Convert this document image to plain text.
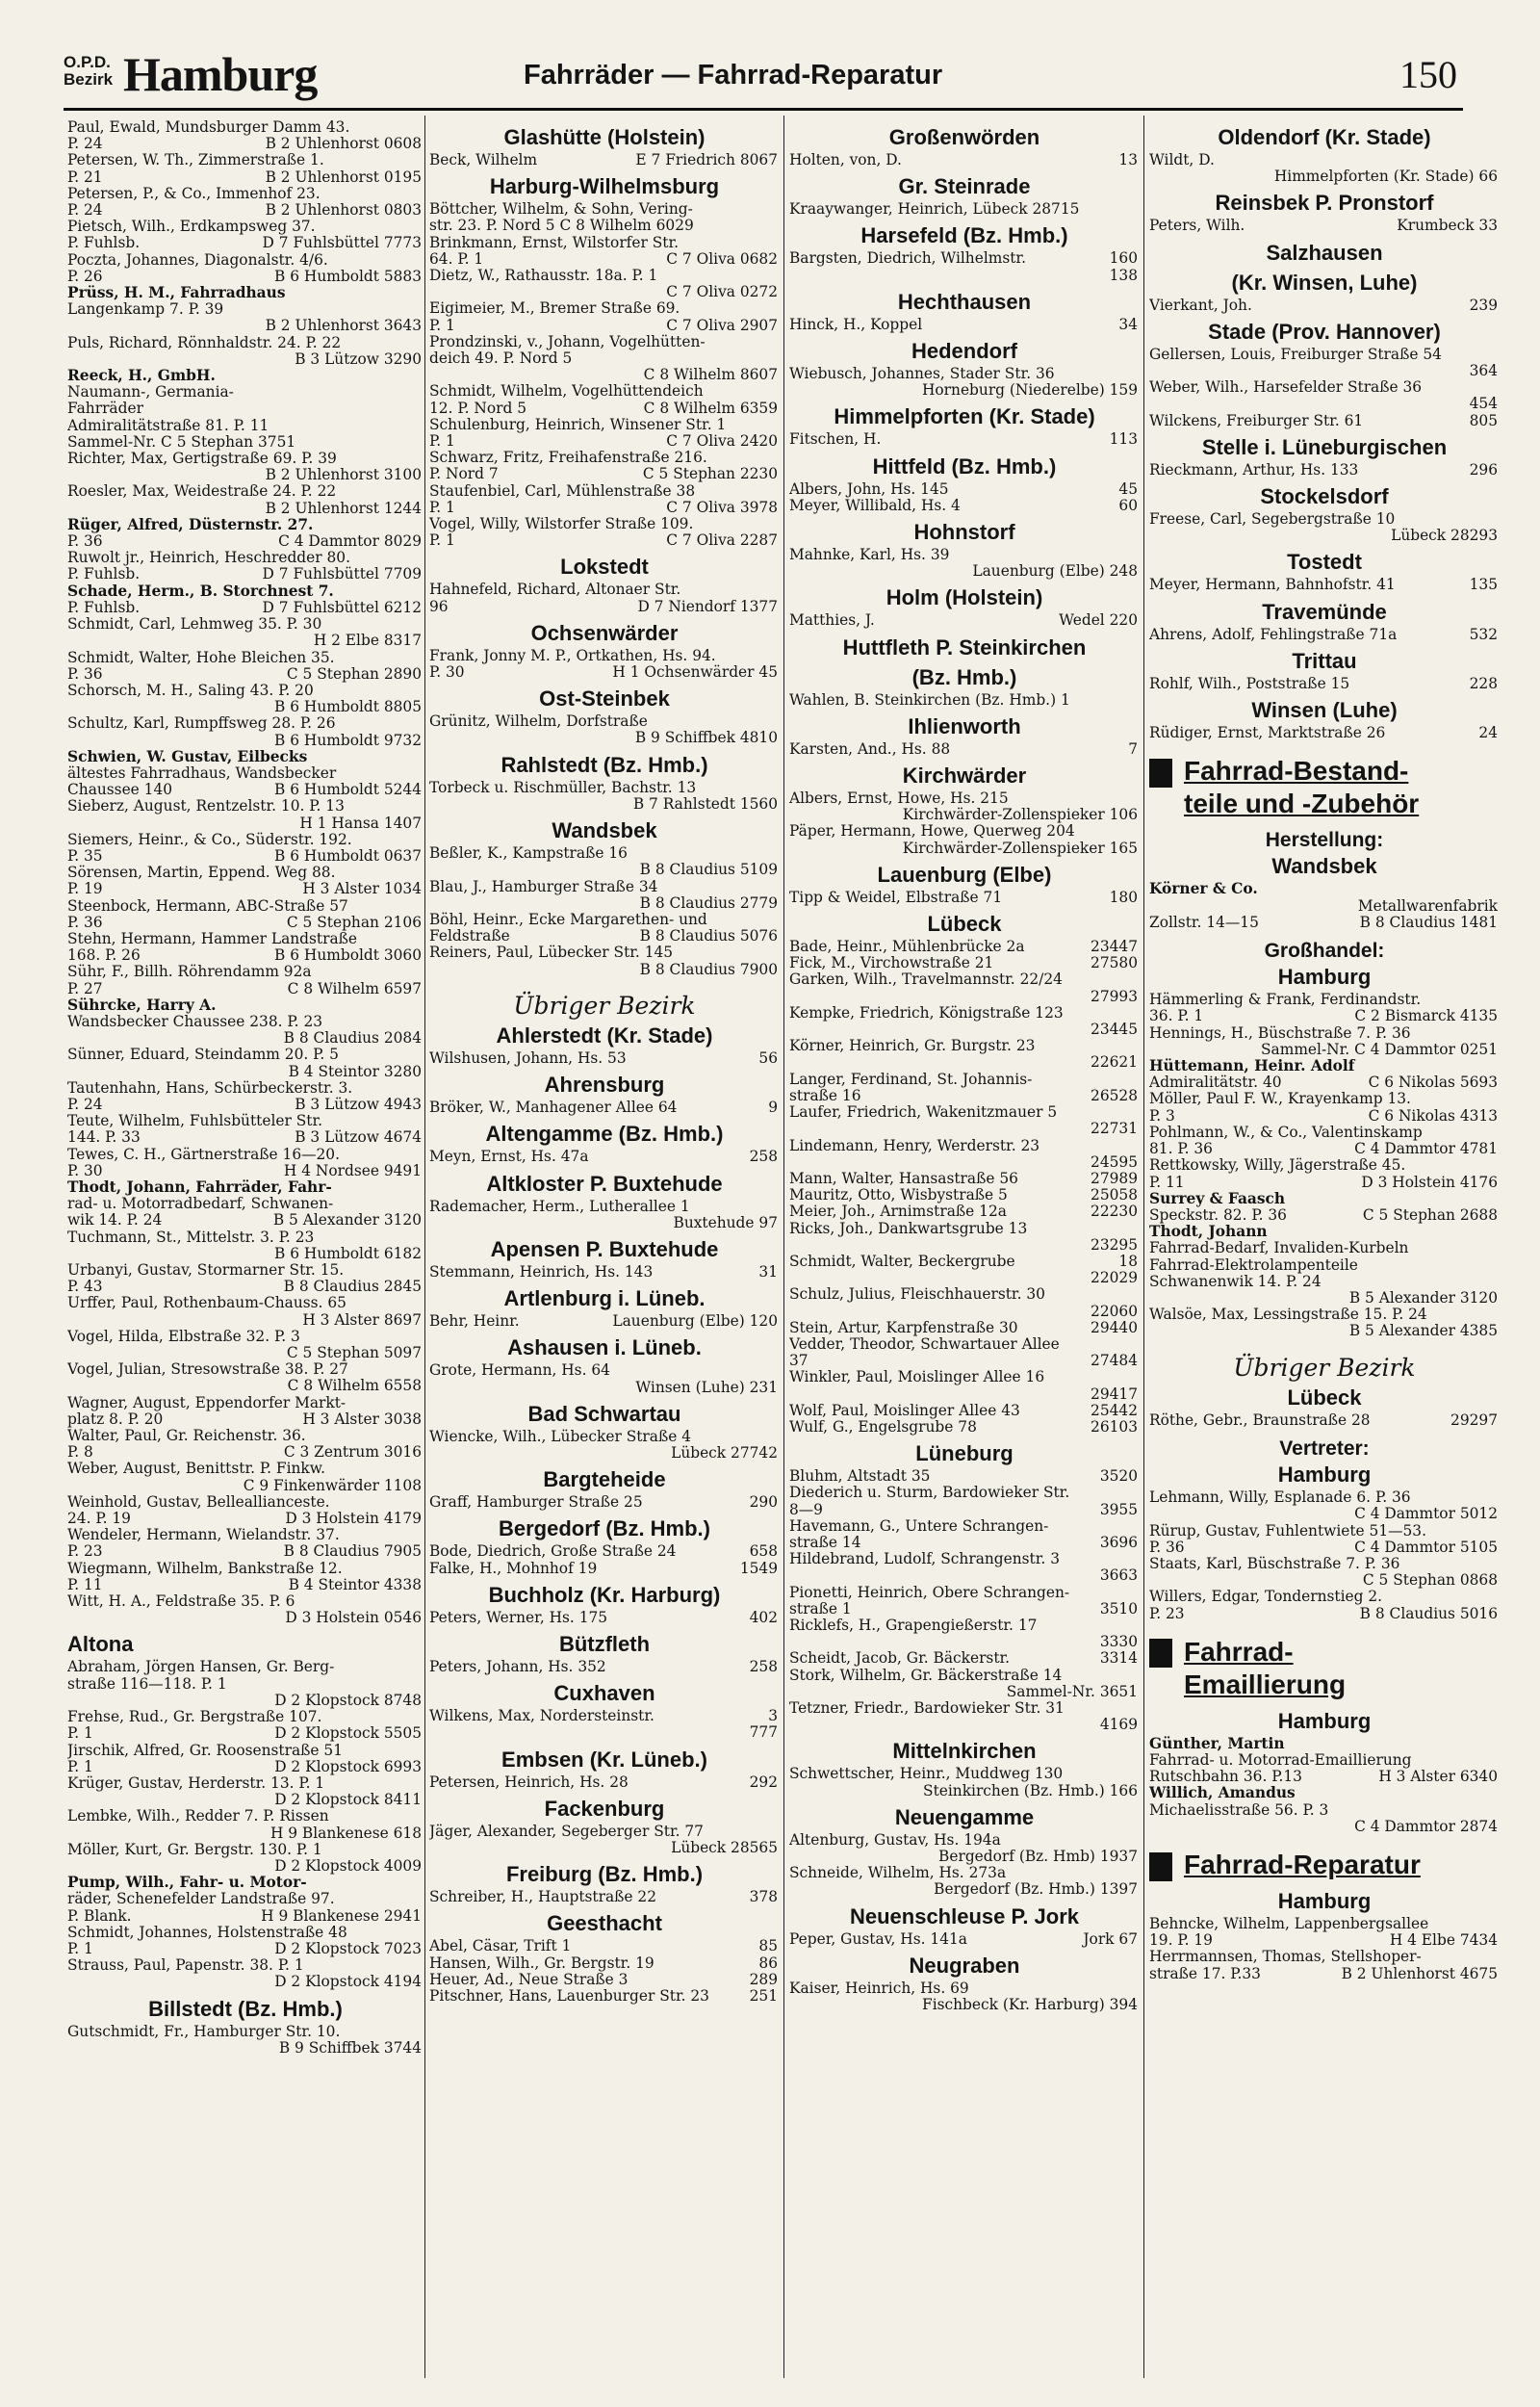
O.P.D.
Bezirk Hamburg	Fahrräder — Fahrrad-Reparatur	150
Paul, Ewald, Mundsburger Damm 43.
B 2 Uhlenhorst 0608
P. 24
Petersen, W. Th., Zimmerstraße 1.
B 2 Uhlenhorst 0195
P. 21
Petersen, P., & Co., Immenhof 23.
B 2 Uhlenhorst 0803
P. 24
Pietsch, Wilh., Erdkampsweg 37.
D 7 Fuhlsbüttel 7773
P. Fuhlsb.
Poczta, Johannes, Diagonalstr. 4/6.
B 6 Humboldt 5883
P. 26
Prüss, H. M., Fahrradhaus
Langenkamp 7. P. 39
B 2 Uhlenhorst 3643

Puls, Richard, Rönnhaldstr. 24. P. 22
B 3 Lützow 3290

Reeck, H., GmbH.
Naumann-, Germania-
Fahrräder
Admiralitätstraße 81. P. 11
Sammel-Nr. C 5 Stephan 3751
Richter, Max, Gertigstraße 69. P. 39
B 2 Uhlenhorst 3100

Roesler, Max, Weidestraße 24. P. 22
B 2 Uhlenhorst 1244

Rüger, Alfred, Düsternstr. 27.
C 4 Dammtor 8029
P. 36
Ruwolt jr., Heinrich, Heschredder 80.
D 7 Fuhlsbüttel 7709
P. Fuhlsb.
Schade, Herm., B. Storchnest 7.
D 7 Fuhlsbüttel 6212
P. Fuhlsb.
Schmidt, Carl, Lehmweg 35. P. 30
H 2 Elbe 8317

Schmidt, Walter, Hohe Bleichen 35.
C 5 Stephan 2890
P. 36
Schorsch, M. H., Saling 43. P. 20
B 6 Humboldt 8805

Schultz, Karl, Rumpffsweg 28. P. 26
B 6 Humboldt 9732

Schwien, W. Gustav, Eilbecks
ältestes Fahrradhaus, Wandsbecker
B 6 Humboldt 5244
Chaussee 140
Sieberz, August, Rentzelstr. 10. P. 13
H 1 Hansa 1407

Siemers, Heinr., & Co., Süderstr. 192.
B 6 Humboldt 0637
P. 35
Sörensen, Martin, Eppend. Weg 88.
H 3 Alster 1034
P. 19
Steenbock, Hermann, ABC-Straße 57
C 5 Stephan 2106
P. 36
Stehn, Hermann, Hammer Landstraße
B 6 Humboldt 3060
168. P. 26
Sühr, F., Billh. Röhrendamm 92a
C 8 Wilhelm 6597
P. 27
Sührcke, Harry A.
Wandsbecker Chaussee 238. P. 23
B 8 Claudius 2084

Sünner, Eduard, Steindamm 20. P. 5
B 4 Steintor 3280

Tautenhahn, Hans, Schürbeckerstr. 3.
B 3 Lützow 4943
P. 24
Teute, Wilhelm, Fuhlsbütteler Str.
B 3 Lützow 4674
144. P. 33
Tewes, C. H., Gärtnerstraße 16—20.
H 4 Nordsee 9491
P. 30
Thodt, Johann, Fahrräder, Fahr-
rad- u. Motorradbedarf, Schwanen-
B 5 Alexander 3120
wik 14. P. 24
Tuchmann, St., Mittelstr. 3. P. 23
B 6 Humboldt 6182

Urbanyi, Gustav, Stormarner Str. 15.
B 8 Claudius 2845
P. 43
Urffer, Paul, Rothenbaum-Chauss. 65
H 3 Alster 8697

Vogel, Hilda, Elbstraße 32. P. 3
C 5 Stephan 5097

Vogel, Julian, Stresowstraße 38. P. 27
C 8 Wilhelm 6558

Wagner, August, Eppendorfer Markt-
H 3 Alster 3038
platz 8. P. 20
Walter, Paul, Gr. Reichenstr. 36.
C 3 Zentrum 3016
P. 8
Weber, August, Benittstr. P. Finkw.
C 9 Finkenwärder 1108

Weinhold, Gustav, Belleallianceste.
D 3 Holstein 4179
24. P. 19
Wendeler, Hermann, Wielandstr. 37.
B 8 Claudius 7905
P. 23
Wiegmann, Wilhelm, Bankstraße 12.
B 4 Steintor 4338
P. 11
Witt, H. A., Feldstraße 35. P. 6
D 3 Holstein 0546

Altona
Abraham, Jörgen Hansen, Gr. Berg-
straße 116—118. P. 1
D 2 Klopstock 8748

Frehse, Rud., Gr. Bergstraße 107.
D 2 Klopstock 5505
P. 1
Jirschik, Alfred, Gr. Roosenstraße 51
D 2 Klopstock 6993
P. 1
Krüger, Gustav, Herderstr. 13. P. 1
D 2 Klopstock 8411

Lembke, Wilh., Redder 7. P. Rissen
H 9 Blankenese 618

Möller, Kurt, Gr. Bergstr. 130. P. 1
D 2 Klopstock 4009

Pump, Wilh., Fahr- u. Motor-
räder, Schenefelder Landstraße 97.
H 9 Blankenese 2941
P. Blank.
Schmidt, Johannes, Holstenstraße 48
D 2 Klopstock 7023
P. 1
Strauss, Paul, Papenstr. 38. P. 1
D 2 Klopstock 4194

Billstedt (Bz. Hmb.)
Gutschmidt, Fr., Hamburger Str. 10.
B 9 Schiffbek 3744

Glashütte (Holstein)
E 7 Friedrich 8067
Beck, Wilhelm
Harburg-Wilhelmsburg
Böttcher, Wilhelm, & Sohn, Vering-
str. 23. P. Nord 5 C 8 Wilhelm 6029
Brinkmann, Ernst, Wilstorfer Str.
C 7 Oliva 0682
64. P. 1
Dietz, W., Rathausstr. 18a. P. 1
C 7 Oliva 0272

Eigimeier, M., Bremer Straße 69.
C 7 Oliva 2907
P. 1
Prondzinski, v., Johann, Vogelhütten-
deich 49. P. Nord 5
C 8 Wilhelm 8607

Schmidt, Wilhelm, Vogelhüttendeich
C 8 Wilhelm 6359
12. P. Nord 5
Schulenburg, Heinrich, Winsener Str. 1
C 7 Oliva 2420
P. 1
Schwarz, Fritz, Freihafenstraße 216.
C 5 Stephan 2230
P. Nord 7
Staufenbiel, Carl, Mühlenstraße 38
C 7 Oliva 3978
P. 1
Vogel, Willy, Wilstorfer Straße 109.
C 7 Oliva 2287
P. 1
Lokstedt
Hahnefeld, Richard, Altonaer Str.
D 7 Niendorf 1377
96
Ochsenwärder
Frank, Jonny M. P., Ortkathen, Hs. 94.
H 1 Ochsenwärder 45
P. 30
Ost-Steinbek
Grünitz, Wilhelm, Dorfstraße
B 9 Schiffbek 4810

Rahlstedt (Bz. Hmb.)
Torbeck u. Rischmüller, Bachstr. 13
B 7 Rahlstedt 1560

Wandsbek
Beßler, K., Kampstraße 16
B 8 Claudius 5109

Blau, J., Hamburger Straße 34
B 8 Claudius 2779

Böhl, Heinr., Ecke Margarethen- und
B 8 Claudius 5076
Feldstraße
Reiners, Paul, Lübecker Str. 145
B 8 Claudius 7900

Übriger Bezirk
Ahlerstedt (Kr. Stade)
56
Wilshusen, Johann, Hs. 53
Ahrensburg
9
Bröker, W., Manhagener Allee 64
Altengamme (Bz. Hmb.)
258
Meyn, Ernst, Hs. 47a
Altkloster P. Buxtehude
Rademacher, Herm., Lutherallee 1
Buxtehude 97

Apensen P. Buxtehude
31
Stemmann, Heinrich, Hs. 143
Artlenburg i. Lüneb.
Lauenburg (Elbe) 120
Behr, Heinr.
Ashausen i. Lüneb.
Grote, Hermann, Hs. 64
Winsen (Luhe) 231

Bad Schwartau
Wiencke, Wilh., Lübecker Straße 4
Lübeck 27742

Bargteheide
290
Graff, Hamburger Straße 25
Bergedorf (Bz. Hmb.)
658
Bode, Diedrich, Große Straße 24
1549
Falke, H., Mohnhof 19
Buchholz (Kr. Harburg)
402
Peters, Werner, Hs. 175
Bützfleth
258
Peters, Johann, Hs. 352
Cuxhaven
3
Wilkens, Max, Nordersteinstr.
777

Embsen (Kr. Lüneb.)
292
Petersen, Heinrich, Hs. 28
Fackenburg
Jäger, Alexander, Segeberger Str. 77
Lübeck 28565

Freiburg (Bz. Hmb.)
378
Schreiber, H., Hauptstraße 22
Geesthacht
85
Abel, Cäsar, Trift 1
86
Hansen, Wilh., Gr. Bergstr. 19
289
Heuer, Ad., Neue Straße 3
251
Pitschner, Hans, Lauenburger Str. 23
Großenwörden
13
Holten, von, D.
Gr. Steinrade
Kraaywanger, Heinrich, Lübeck 28715
Harsefeld (Bz. Hmb.)
160
Bargsten, Diedrich, Wilhelmstr.
138

Hechthausen
34
Hinck, H., Koppel
Hedendorf
Wiebusch, Johannes, Stader Str. 36
Horneburg (Niederelbe) 159

Himmelpforten (Kr. Stade)
113
Fitschen, H.
Hittfeld (Bz. Hmb.)
45
Albers, John, Hs. 145
60
Meyer, Willibald, Hs. 4
Hohnstorf
Mahnke, Karl, Hs. 39
Lauenburg (Elbe) 248

Holm (Holstein)
Wedel 220
Matthies, J.
Huttfleth P. Steinkirchen
(Bz. Hmb.)
Wahlen, B. Steinkirchen (Bz. Hmb.) 1
Ihlienworth
7
Karsten, And., Hs. 88
Kirchwärder
Albers, Ernst, Howe, Hs. 215
Kirchwärder-Zollenspieker 106

Päper, Hermann, Howe, Querweg 204
Kirchwärder-Zollenspieker 165

Lauenburg (Elbe)
180
Tipp & Weidel, Elbstraße 71
Lübeck
23447
Bade, Heinr., Mühlenbrücke 2a
27580
Fick, M., Virchowstraße 21
Garken, Wilh., Travelmannstr. 22/24
27993

Kempke, Friedrich, Königstraße 123
23445

Körner, Heinrich, Gr. Burgstr. 23
22621

Langer, Ferdinand, St. Johannis-
26528
straße 16
Laufer, Friedrich, Wakenitzmauer 5
22731

Lindemann, Henry, Werderstr. 23
24595

27989
Mann, Walter, Hansastraße 56
25058
Mauritz, Otto, Wisbystraße 5
22230
Meier, Joh., Arnimstraße 12a
Ricks, Joh., Dankwartsgrube 13
23295

18
Schmidt, Walter, Beckergrube
22029

Schulz, Julius, Fleischhauerstr. 30
22060

29440
Stein, Artur, Karpfenstraße 30
Vedder, Theodor, Schwartauer Allee
27484
37
Winkler, Paul, Moislinger Allee 16
29417

25442
Wolf, Paul, Moislinger Allee 43
26103
Wulf, G., Engelsgrube 78
Lüneburg
3520
Bluhm, Altstadt 35
Diederich u. Sturm, Bardowieker Str.
3955
8—9
Havemann, G., Untere Schrangen-
3696
straße 14
Hildebrand, Ludolf, Schrangenstr. 3
3663

Pionetti, Heinrich, Obere Schrangen-
3510
straße 1
Ricklefs, H., Grapengießerstr. 17
3330

3314
Scheidt, Jacob, Gr. Bäckerstr.
Stork, Wilhelm, Gr. Bäckerstraße 14
Sammel-Nr. 3651

Tetzner, Friedr., Bardowieker Str. 31
4169

Mittelnkirchen
Schwettscher, Heinr., Muddweg 130
Steinkirchen (Bz. Hmb.) 166

Neuengamme
Altenburg, Gustav, Hs. 194a
Bergedorf (Bz. Hmb) 1937

Schneide, Wilhelm, Hs. 273a
Bergedorf (Bz. Hmb.) 1397

Neuenschleuse P. Jork
Jork 67
Peper, Gustav, Hs. 141a
Neugraben
Kaiser, Heinrich, Hs. 69
Fischbeck (Kr. Harburg) 394

Oldendorf (Kr. Stade)
Wildt, D.
Himmelpforten (Kr. Stade) 66

Reinsbek P. Pronstorf
Krumbeck 33
Peters, Wilh.
Salzhausen
(Kr. Winsen, Luhe)
239
Vierkant, Joh.
Stade (Prov. Hannover)
Gellersen, Louis, Freiburger Straße 54
364

Weber, Wilh., Harsefelder Straße 36
454

805
Wilckens, Freiburger Str. 61
Stelle i. Lüneburgischen
296
Rieckmann, Arthur, Hs. 133
Stockelsdorf
Freese, Carl, Segebergstraße 10
Lübeck 28293

Tostedt
135
Meyer, Hermann, Bahnhofstr. 41
Travemünde
532
Ahrens, Adolf, Fehlingstraße 71a
Trittau
228
Rohlf, Wilh., Poststraße 15
Winsen (Luhe)
24
Rüdiger, Ernst, Marktstraße 26
Fahrrad-Bestand-
teile und -Zubehör
Herstellung:
Wandsbek
Körner & Co.
Metallwarenfabrik

B 8 Claudius 1481
Zollstr. 14—15
Großhandel:
Hamburg
Hämmerling & Frank, Ferdinandstr.
C 2 Bismarck 4135
36. P. 1
Hennings, H., Büschstraße 7. P. 36
Sammel-Nr. C 4 Dammtor 0251

Hüttemann, Heinr. Adolf
C 6 Nikolas 5693
Admiralitätstr. 40
Möller, Paul F. W., Krayenkamp 13.
C 6 Nikolas 4313
P. 3
Pohlmann, W., & Co., Valentinskamp
C 4 Dammtor 4781
81. P. 36
Rettkowsky, Willy, Jägerstraße 45.
D 3 Holstein 4176
P. 11
Surrey & Faasch
C 5 Stephan 2688
Speckstr. 82. P. 36
Thodt, Johann
Fahrrad-Bedarf, Invaliden-Kurbeln
Fahrrad-Elektrolampenteile
Schwanenwik 14. P. 24
B 5 Alexander 3120

Walsöe, Max, Lessingstraße 15. P. 24
B 5 Alexander 4385

Übriger Bezirk
Lübeck
29297
Röthe, Gebr., Braunstraße 28
Vertreter:
Hamburg
Lehmann, Willy, Esplanade 6. P. 36
C 4 Dammtor 5012

Rürup, Gustav, Fuhlentwiete 51—53.
C 4 Dammtor 5105
P. 36
Staats, Karl, Büschstraße 7. P. 36
C 5 Stephan 0868

Willers, Edgar, Tondernstieg 2.
B 8 Claudius 5016
P. 23
Fahrrad-
Emaillierung
Hamburg
Günther, Martin
Fahrrad- u. Motorrad-Emaillierung
H 3 Alster 6340
Rutschbahn 36. P.13
Willich, Amandus
Michaelisstraße 56. P. 3
C 4 Dammtor 2874

Fahrrad-Reparatur
Hamburg
Behncke, Wilhelm, Lappenbergsallee
H 4 Elbe 7434
19. P. 19
Herrmannsen, Thomas, Stellshoper-
B 2 Uhlenhorst 4675
straße 17. P.33
